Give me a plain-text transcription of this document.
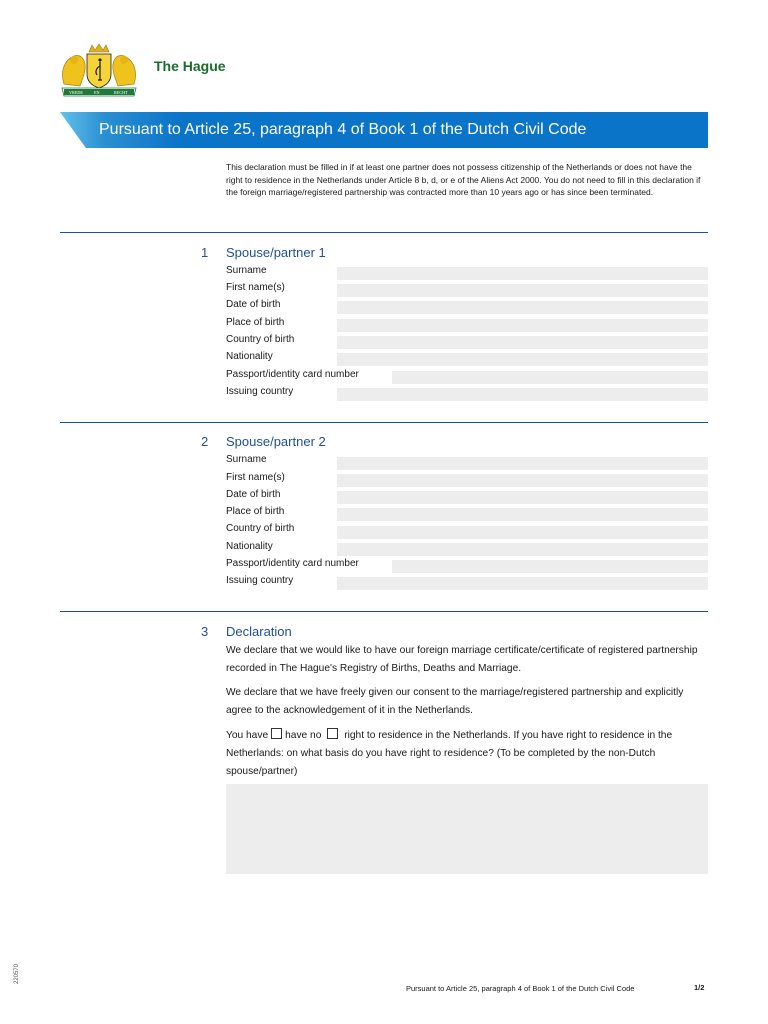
VREDE	EN	RECHT
The Hague
Pursuant to Article 25, paragraph 4 of Book 1 of the Dutch Civil Code
This declaration must be filled in if at least one partner does not possess citizenship of the Netherlands or does not have the right to residence in the Netherlands under Article 8 b, d, or e of the Aliens Act 2000. You do not need to fill in this declaration if the foreign marriage/registered partnership was contracted more than 10 years ago or has since been terminated.
1 Spouse/partner 1
Surname
First name(s)
Date of birth
Place of birth
Country of birth
Nationality
Passport/identity card number
Issuing country
2 Spouse/partner 2
Surname
First name(s)
Date of birth
Place of birth
Country of birth
Nationality
Passport/identity card number
Issuing country
3 Declaration
We declare that we would like to have our foreign marriage certificate/certificate of registered partnership recorded in The Hague's Registry of Births, Deaths and Marriage.
We declare that we have freely given our consent to the marriage/registered partnership and explicitly agree to the acknowledgement of it in the Netherlands.
You have have no right to residence in the Netherlands. If you have right to residence in the Netherlands: on what basis do you have right to residence? (To be completed by the non-Dutch spouse/partner)
220570
Pursuant to Article 25, paragraph 4 of Book 1 of the Dutch Civil Code	1/2
